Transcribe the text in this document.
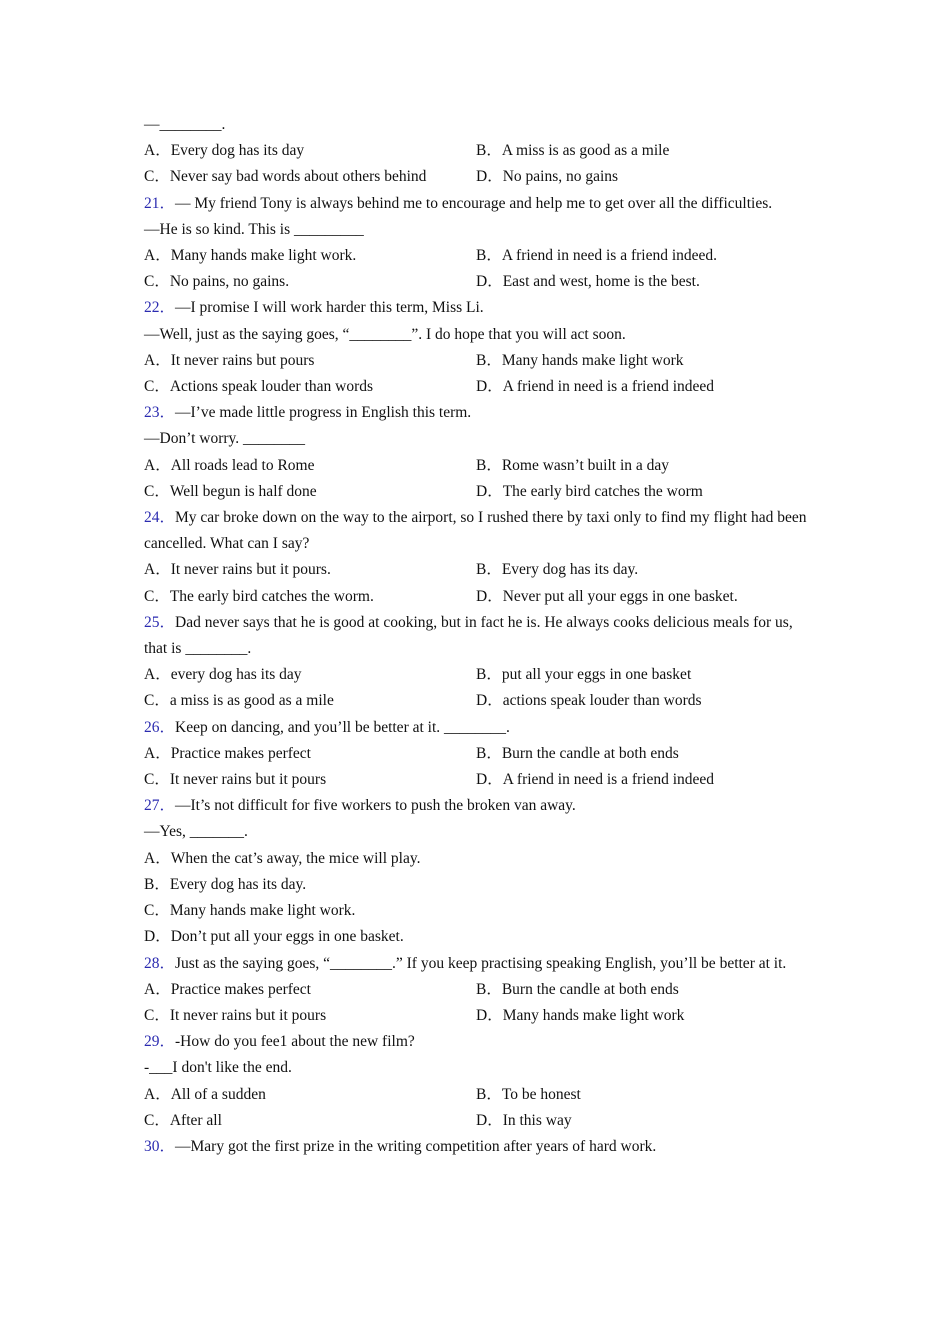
—________.
A．Every dog has its day	B．A miss is as good as a mile
C．Never say bad words about others behind	D．No pains, no gains
21．— My friend Tony is always behind me to encourage and help me to get over all the difficulties.
—He is so kind. This is _________
A．Many hands make light work.	B．A friend in need is a friend indeed.
C．No pains, no gains.	D．East and west, home is the best.
22．—I promise I will work harder this term, Miss Li.
—Well, just as the saying goes, “________”. I do hope that you will act soon.
A．It never rains but pours	B．Many hands make light work
C．Actions speak louder than words	D．A friend in need is a friend indeed
23．—I’ve made little progress in English this term.
—Don’t worry. ________
A．All roads lead to Rome	B．Rome wasn’t built in a day
C．Well begun is half done	D．The early bird catches the worm
24．My car broke down on the way to the airport, so I rushed there by taxi only to find my flight had been cancelled. What can I say?
A．It never rains but it pours.	B．Every dog has its day.
C．The early bird catches the worm.	D．Never put all your eggs in one basket.
25．Dad never says that he is good at cooking, but in fact he is. He always cooks delicious meals for us, that is ________.
A．every dog has its day	B．put all your eggs in one basket
C．a miss is as good as a mile	D．actions speak louder than words
26．Keep on dancing, and you’ll be better at it. ________.
A．Practice makes perfect	B．Burn the candle at both ends
C．It never rains but it pours	D．A friend in need is a friend indeed
27．—It’s not difficult for five workers to push the broken van away.
—Yes, _______.
A．When the cat’s away, the mice will play.
B．Every dog has its day.
C．Many hands make light work.
D．Don’t put all your eggs in one basket.
28．Just as the saying goes, “________.” If you keep practising speaking English, you’ll be better at it.
A．Practice makes perfect	B．Burn the candle at both ends
C．It never rains but it pours	D．Many hands make light work
29．-How do you fee1 about the new film?
-___I don't like the end.
A．All of a sudden	B．To be honest
C．After all	D．In this way
30．—Mary got the first prize in the writing competition after years of hard work.
